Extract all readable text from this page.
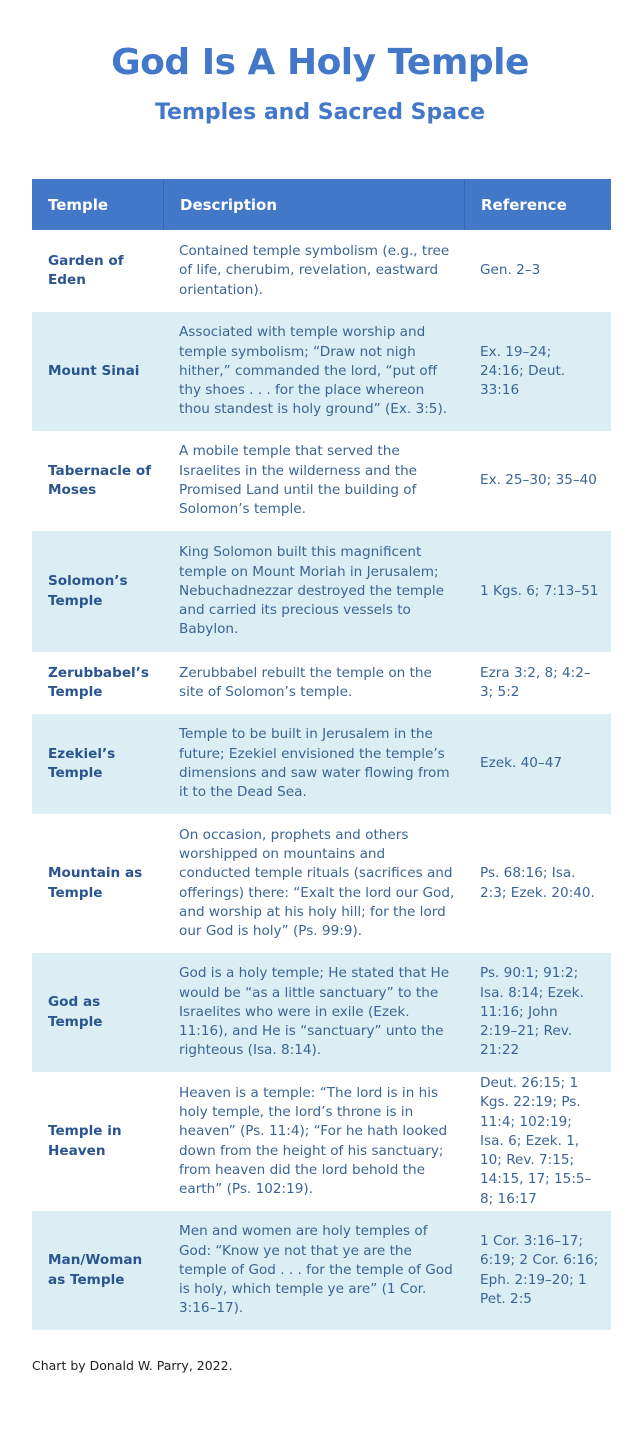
God Is A Holy Temple
Temples and Sacred Space
Temple	Description	Reference
Garden of Eden
Contained temple symbolism (e.g., tree of life, cherubim, revelation, eastward orientation).
Gen. 2–3
Mount Sinai
Associated with temple worship and temple symbolism; “Draw not nigh hither,” commanded the lord, “put off thy shoes . . . for the place whereon thou standest is holy ground” (Ex. 3:5).
Ex. 19–24; 24:16; Deut. 33:16
Tabernacle of Moses
A mobile temple that served the Israelites in the wilderness and the Promised Land until the building of Solomon’s temple.
Ex. 25–30; 35–40
Solomon’s Temple
King Solomon built this magnificent temple on Mount Moriah in Jerusalem; Nebuchadnezzar destroyed the temple and carried its precious vessels to Babylon.
1 Kgs. 6; 7:13–51
Zerubbabel’s Temple
Zerubbabel rebuilt the temple on the site of Solomon’s temple.
Ezra 3:2, 8; 4:2–3; 5:2
Ezekiel’s Temple
Temple to be built in Jerusalem in the future; Ezekiel envisioned the temple’s dimensions and saw water flowing from it to the Dead Sea.
Ezek. 40–47
Mountain as Temple
On occasion, prophets and others worshipped on mountains and conducted temple rituals (sacrifices and offerings) there: “Exalt the lord our God, and worship at his holy hill; for the lord our God is holy” (Ps. 99:9).
Ps. 68:16; Isa. 2:3; Ezek. 20:40.
God as Temple
God is a holy temple; He stated that He would be “as a little sanctuary” to the Israelites who were in exile (Ezek. 11:16), and He is “sanctuary” unto the righteous (Isa. 8:14).
Ps. 90:1; 91:2; Isa. 8:14; Ezek. 11:16; John 2:19–21; Rev. 21:22
Temple in Heaven
Heaven is a temple: “The lord is in his holy temple, the lord’s throne is in heaven” (Ps. 11:4); “For he hath looked down from the height of his sanctuary; from heaven did the lord behold the earth” (Ps. 102:19).
Deut. 26:15; 1 Kgs. 22:19; Ps. 11:4; 102:19; Isa. 6; Ezek. 1, 10; Rev. 7:15; 14:15, 17; 15:5–8; 16:17
Man/Woman as Temple
Men and women are holy temples of God: “Know ye not that ye are the temple of God . . . for the temple of God is holy, which temple ye are” (1 Cor. 3:16–17).
1 Cor. 3:16–17; 6:19; 2 Cor. 6:16; Eph. 2:19–20; 1 Pet. 2:5
Chart by Donald W. Parry, 2022.
